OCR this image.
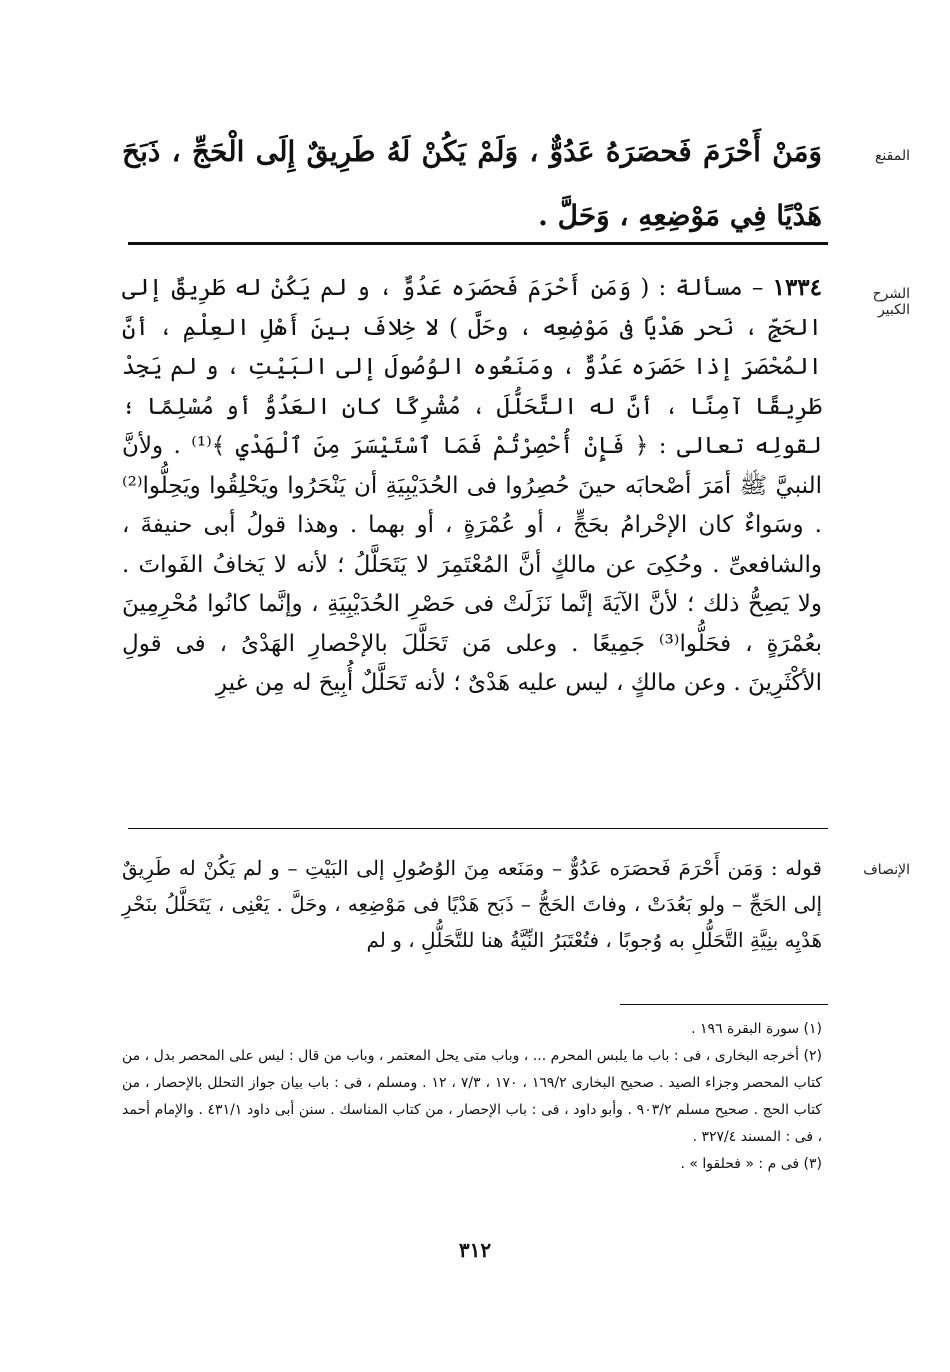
المقنع

وَمَنْ أَحْرَمَ فَحصَرَهُ عَدُوٌّ ، وَلَمْ يَكُنْ لَهُ طَرِيقٌ إِلَى الْحَجِّ ، ذَبَحَ هَدْيًا فِي مَوْضِعِهِ ، وَحَلَّ .

الشرح الكبير

١٣٣٤ – مسألة : ( وَمَن أَحْرَمَ فَحصَرَه عَدُوٌّ ، و لم يَكُنْ له طَرِيقٌ إلى الحَجِّ ، نَحر هَدْيًا فى مَوْضِعِه ، وحَلَّ ) لا خِلافَ بينَ أَهْلِ العِلْمِ ، أنَّ المُحْصَرَ إذا حَصَرَه عَدُوٌّ ، ومَنَعُوه الوُصُولَ إلى البَيْتِ ، و لم يَجِدْ طَرِيقًا آمِنًا ، أنَّ له التَّحَلُّلَ ، مُشْرِكًا كان العَدُوُّ أو مُسْلِمًا ؛ لقولِه تعالى : ﴿ فَإِنْ أُحْصِرْتُمْ فَمَا ٱسْتَيْسَرَ مِنَ ٱلْهَدْيِ ﴾⁽¹⁾ . ولأنَّ النبيَّ ﷺ أمَرَ أصْحابَه حينَ حُصِرُوا فى الحُدَيْبِيَةِ أن يَنْحَرُوا ويَحْلِقُوا ويَحِلُّوا⁽²⁾ . وسَواءٌ كان الإحْرامُ بحَجٍّ ، أو عُمْرَةٍ ، أو بهما . وهذا قولُ أبى حنيفةَ ، والشافعىِّ . وحُكِىَ عن مالكٍ أنَّ المُعْتَمِرَ لا يَتَحَلَّلُ ؛ لأنه لا يَخافُ الفَواتَ . ولا يَصِحُّ ذلك ؛ لأنَّ الآيَةَ إنَّما نَزَلَتْ فى حَصْرِ الحُدَيْبِيَةِ ، وإنَّما كانُوا مُحْرِمِينَ بعُمْرَةٍ ، فحَلُّوا⁽³⁾ جَمِيعًا . وعلى مَن تَحَلَّلَ بالإحْصارِ الهَدْىُ ، فى قولِ الأكْثَرِينَ . وعن مالكٍ ، ليس عليه هَدْىٌ ؛ لأنه تَحَلَّلٌ أُبِيحَ له مِن غيرِ

الإنصاف

قوله : وَمَن أَحْرَمَ فَحصَرَه عَدُوٌّ – ومَنَعه مِنَ الوُصُولِ إلى البَيْتِ – و لم يَكُنْ له طَرِيقٌ إلى الحَجِّ – ولو بَعُدَتْ ، وفاتَ الحَجُّ – ذَبَح هَدْيًا فى مَوْضِعِه ، وحَلَّ . يَعْنِى ، يَتَحَلَّلُ بنَحْرِ هَدْيِه بنِيَّةِ التَّحَلُّلِ به وُجوبًا ، فتُعْتَبَرُ النِّيَّةُ هنا للتَّحَلُّلِ ، و لم

(١) سورة البقرة ١٩٦ .

(٢) أخرجه البخارى ، فى : باب ما يلبس المحرم ... ، وباب متى يحل المعتمر ، وباب من قال : ليس على المحصر بدل ، من كتاب المحصر وجزاء الصيد . صحيح البخارى ١٦٩/٢ ، ١٧٠ ، ٧/٣ ، ١٢ . ومسلم ، فى : باب بيان جواز التحلل بالإحصار ، من كتاب الحج . صحيح مسلم ٩٠٣/٢ . وأبو داود ، فى : باب الإحصار ، من كتاب المناسك . سنن أبى داود ٤٣١/١ . والإمام أحمد ، فى : المسند ٣٢٧/٤ .

(٣) فى م : « فحلقوا » .

٣١٢
